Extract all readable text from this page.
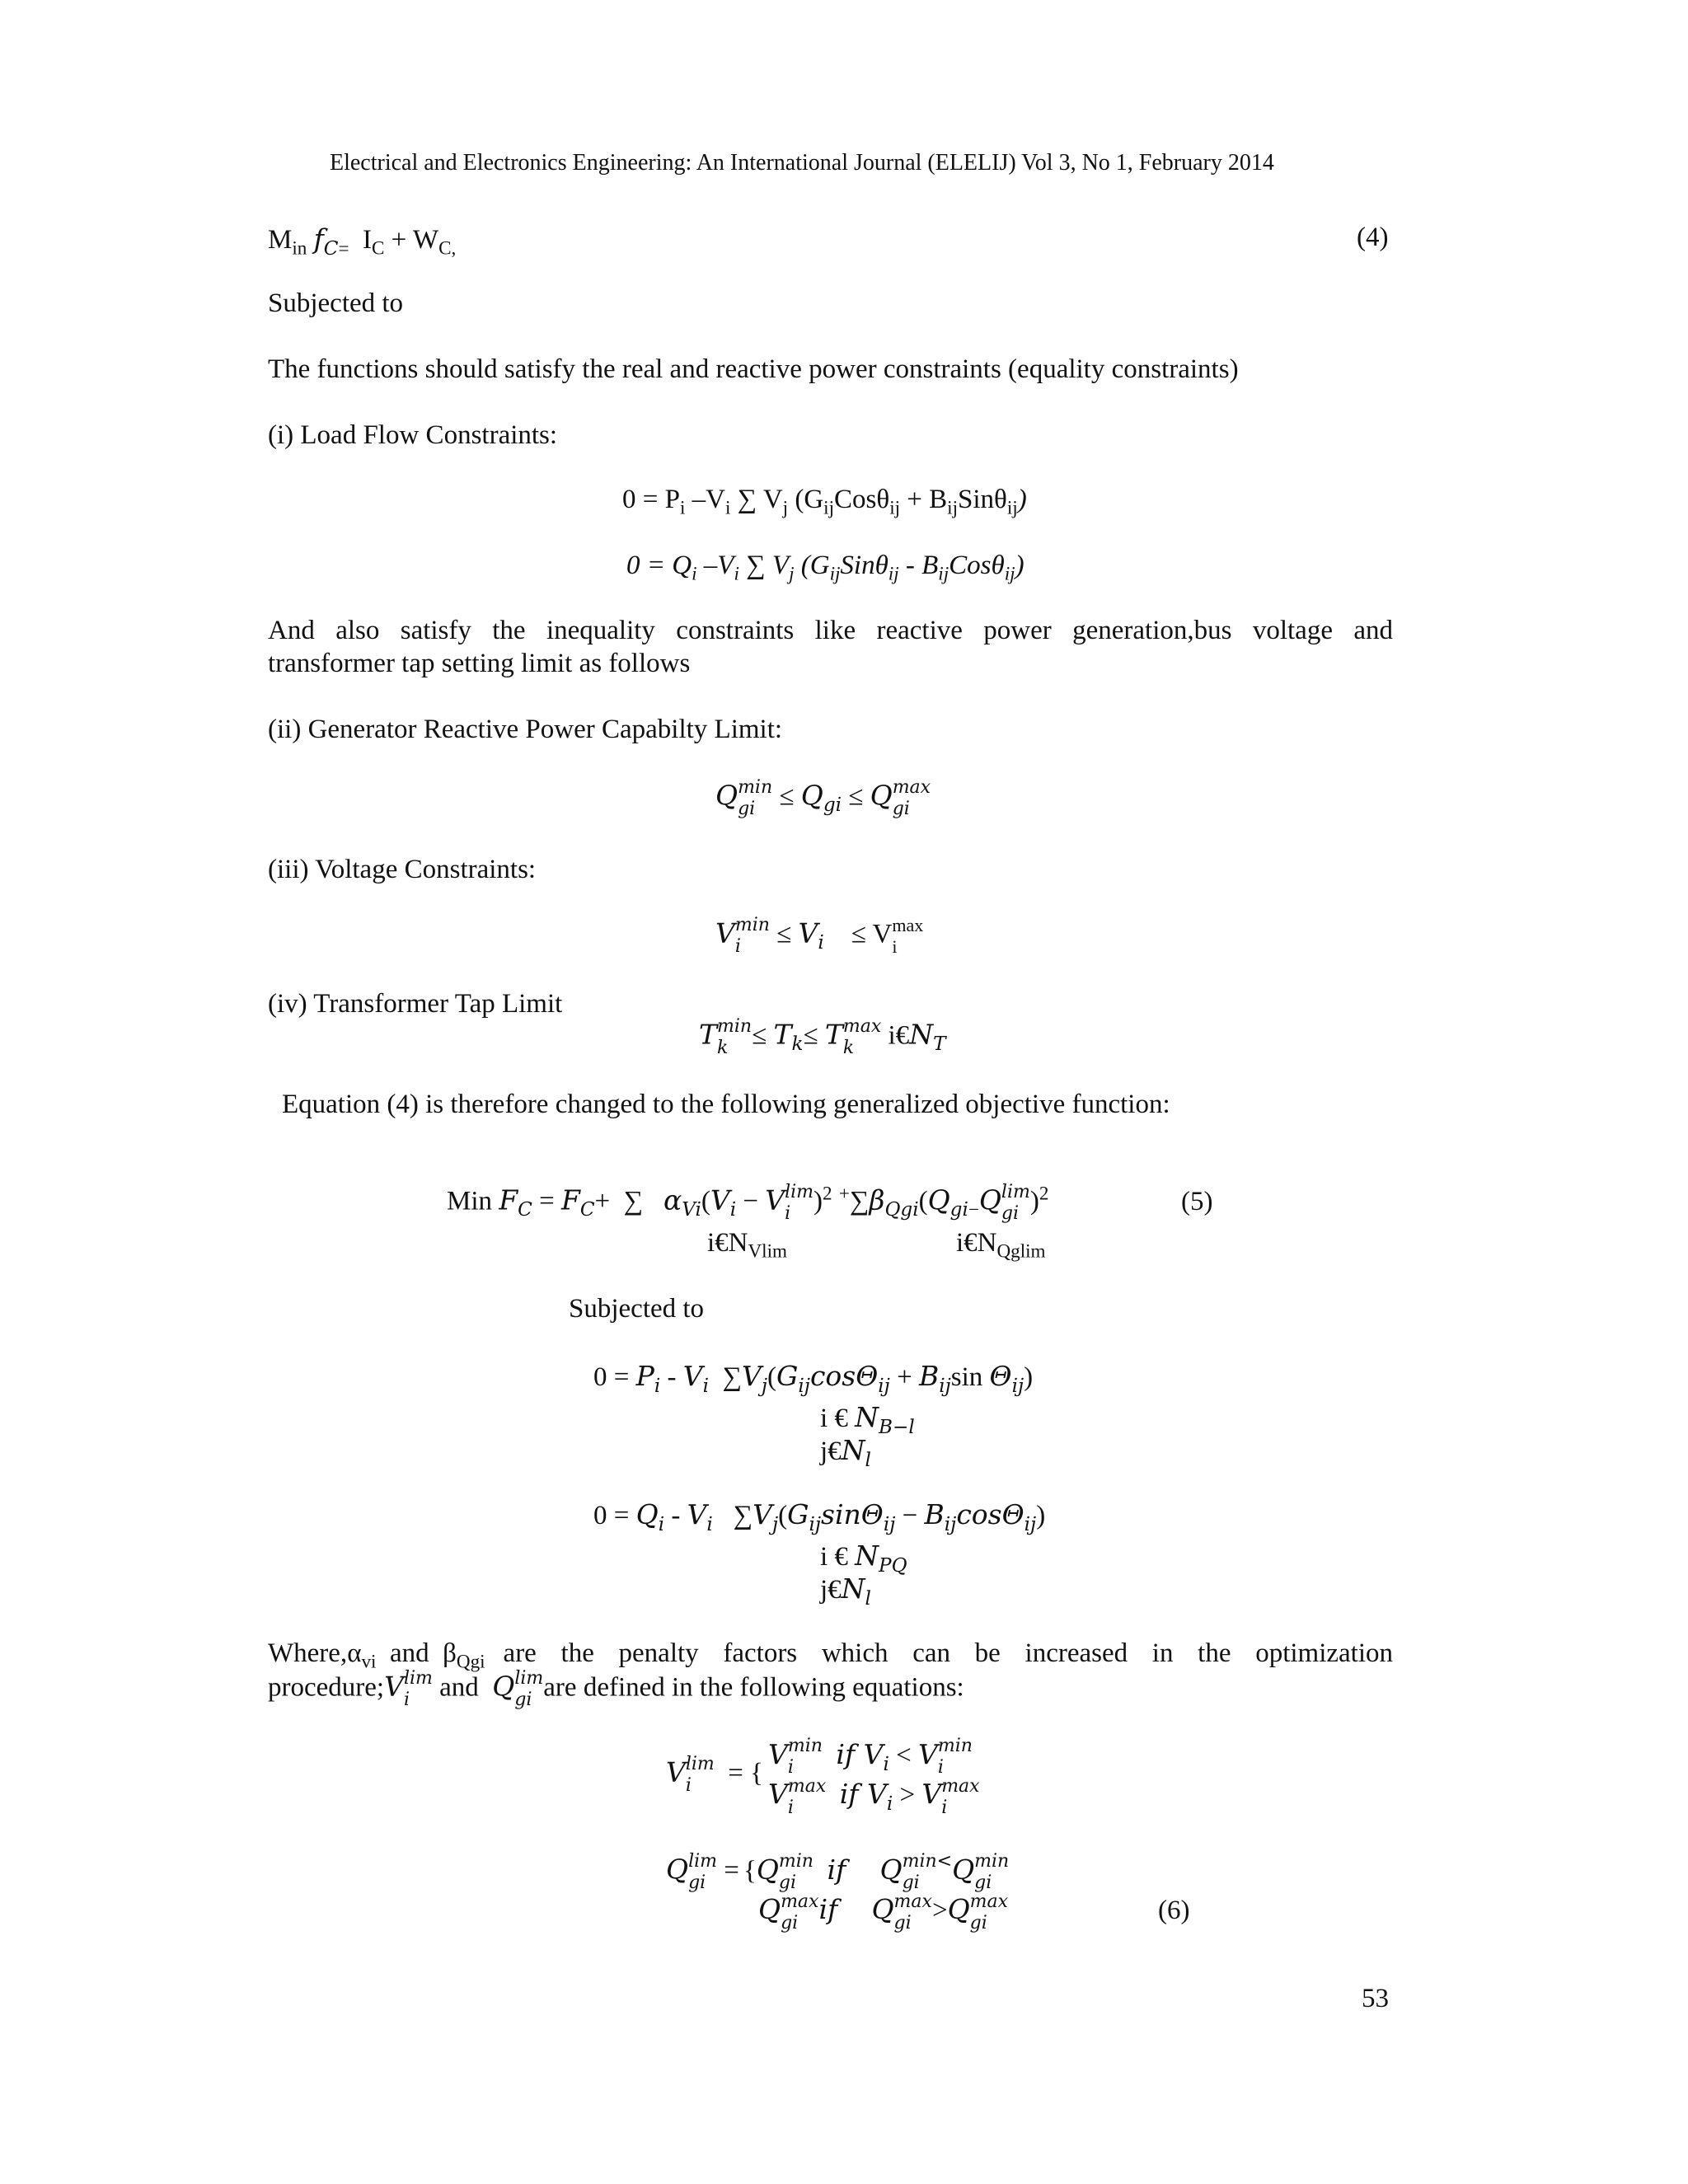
Electrical and Electronics Engineering: An International Journal (ELELIJ) Vol 3, No 1, February 2014
$M_{in}$ $f_{C=}$  $I_C + W_{C,}$	(4)
Subjected to
The functions should satisfy the real and reactive power constraints (equality constraints)
(i) Load Flow Constraints:
$0 = P_i$ $-V_i$ ∑ $V_j$ $(G_{ij}Cos\theta_{ij} + B_{ij}Sin\theta_{ij})$
$0 = Q_i$ $-V_i$ ∑ $V_j$ $(G_{ij}Sin\theta_{ij} - B_{ij}Cos\theta_{ij})$
And also satisfy the inequality constraints like reactive power generation,bus voltage and
transformer tap setting limit as follows
(ii) Generator Reactive Power Capabilty Limit:
Q min
gi ≤ $Q_{gi} \le Q$ max
gi
(iii) Voltage Constraints:
V min
i	≤ $V_i$    ≤ V max
i
(iv) Transformer Tap Limit
T min
$k \le T_k\le T$ max
k	$i€N_T$
Equation (4) is therefore changed to the following generalized objective function:
Min $F_C = F_C+$  ∑   $\alpha_{Vi}(V_i - V$ lim
i )$^2$ $^+\sum\beta_{Qgi}(Q_{gi-}Q$ lim
gi )$^2$	(5)
$i€N_{Vlim}$	$i€N_{Qglim}$
Subjected to
$0 = P_i - V_i$  $\sum V_j(G_{ij}\cos\Theta_{ij} + B_{ij}\sin$ $\Theta_{ij}$)
i € $N_{B-l}$
$j€N_l$
$0 = Q_i - V_i$   $\sum V_j(G_{ij}\sin\Theta_{ij} - B_{ij}\cos\Theta_{ij})$
i € $N_{PQ}$
$j€N_l$
$Where,\alpha_{vi}$ and  $\beta_{Qgi}$ are the penalty factors which can be increased in the optimization
procedure;V lim
i	and Q lim
gi are defined in the following equations:
V lim
i = {
V min
i	if $V_i < V$ min
i
V max
i	if $V_i > V$ max
i
Q lim
gi = {Q min
gi	if Q min<
gi	Q min
gi
Q max
gi if Q max
gi >Q max
gi	(6)
53
